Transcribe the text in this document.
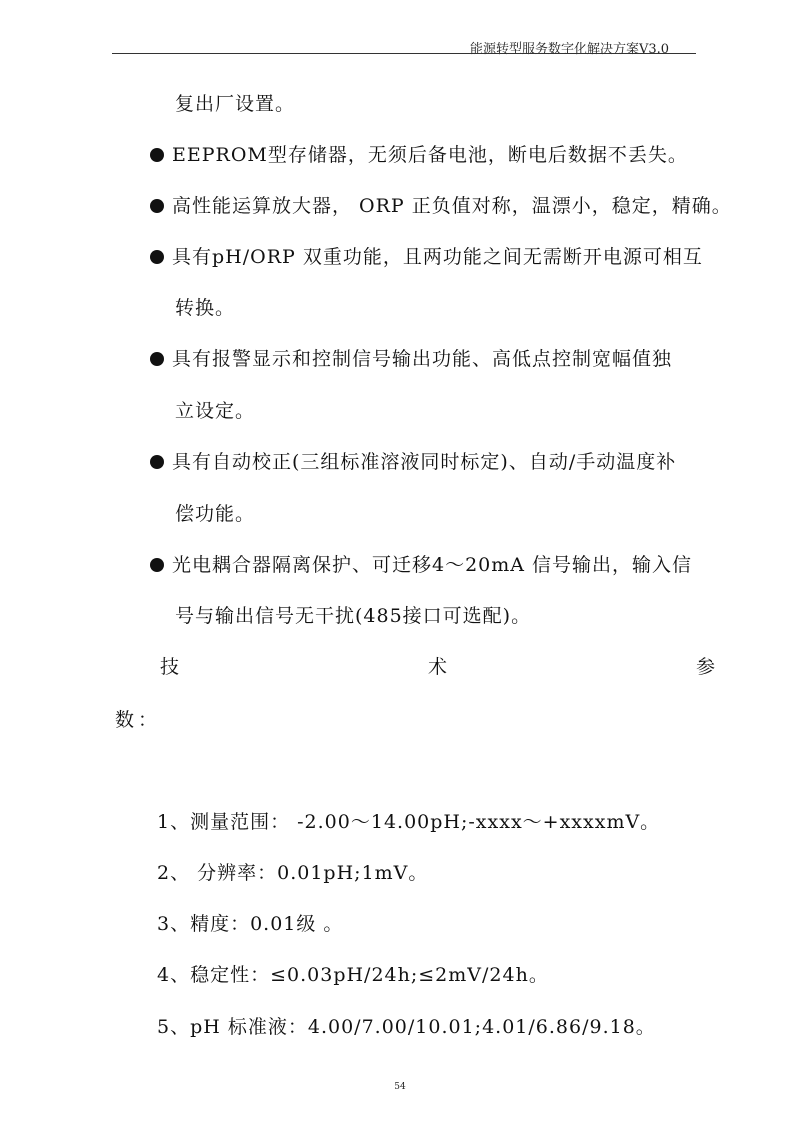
能源转型服务数字化解决方案V3.0
复出厂设置。
EEPROM型存储器，无须后备电池，断电后数据不丢失。
高性能运算放大器， ORP 正负值对称，温漂小，稳定，精确。
具有pH/ORP 双重功能，且两功能之间无需断开电源可相互
转换。
具有报警显示和控制信号输出功能、高低点控制宽幅值独
立设定。
具有自动校正(三组标准溶液同时标定)、自动/手动温度补
偿功能。
光电耦合器隔离保护、可迁移4～20mA 信号输出，输入信
号与输出信号无干扰(485接口可选配)。
技	术	参
数：
1、测量范围： -2.00～14.00pH;-xxxx～+xxxxmV。
2、 分辨率：0.01pH;1mV。
3、精度：0.01级 。
4、稳定性：≤0.03pH/24h;≤2mV/24h。
5、pH 标准液：4.00/7.00/10.01;4.01/6.86/9.18。
54
